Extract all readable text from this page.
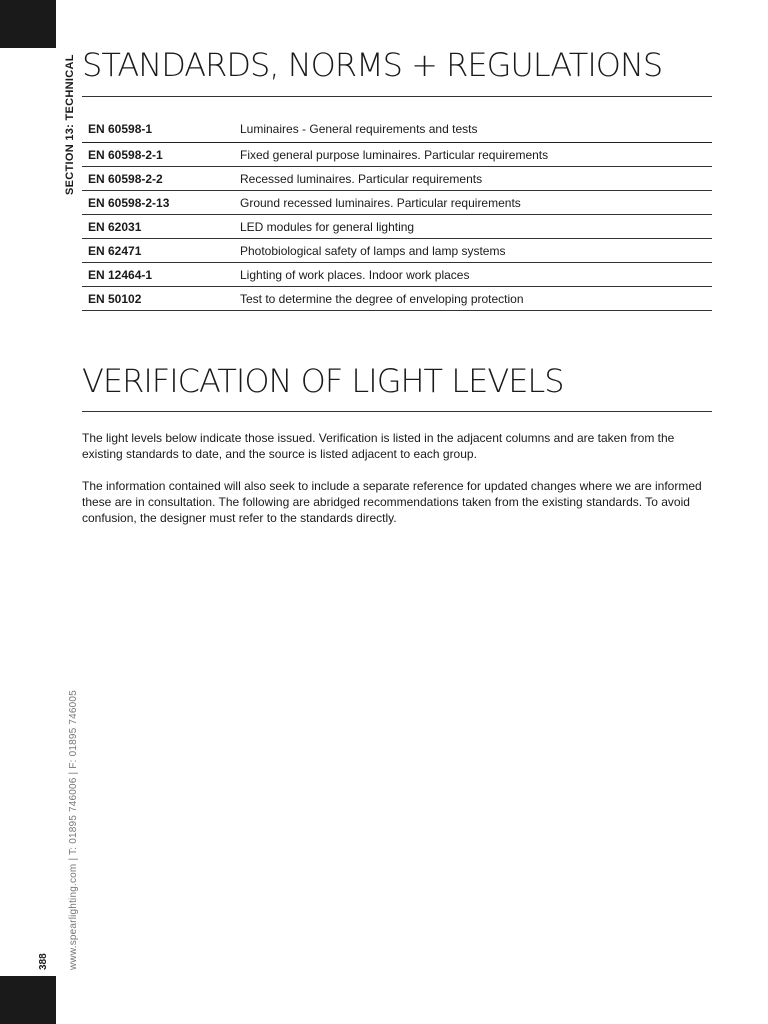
SECTION 13: TECHNICAL
www.spearlighting.com | T: 01895 746006 | F: 01895 746005
388
STANDARDS, NORMS + REGULATIONS
EN 60598-1	Luminaires - General requirements and tests
EN 60598-2-1	Fixed general purpose luminaires. Particular requirements
EN 60598-2-2	Recessed luminaires. Particular requirements
EN 60598-2-13	Ground recessed luminaires. Particular requirements
EN 62031	LED modules for general lighting
EN 62471	Photobiological safety of lamps and lamp systems
EN 12464-1	Lighting of work places. Indoor work places
EN 50102	Test to determine the degree of enveloping protection
VERIFICATION OF LIGHT LEVELS

The light levels below indicate those issued. Verification is listed in the adjacent columns and are taken from the existing standards to date, and the source is listed adjacent to each group.

The information contained will also seek to include a separate reference for updated changes where we are informed these are in consultation. The following are abridged recommendations taken from the existing standards. To avoid confusion, the designer must refer to the standards directly.
